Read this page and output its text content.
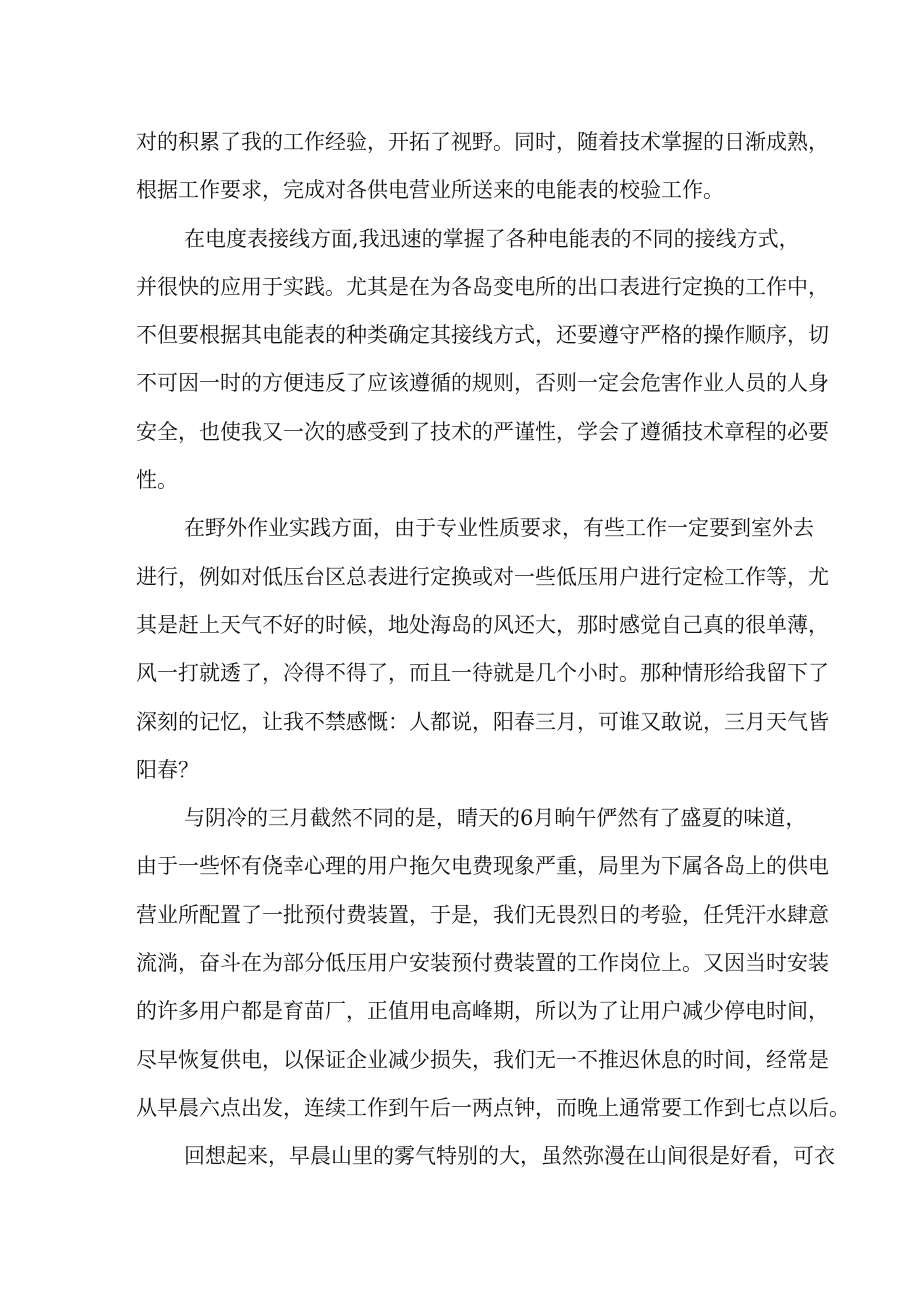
对的积累了我的工作经验，开拓了视野。同时，随着技术掌握的日渐成熟，
根据工作要求，完成对各供电营业所送来的电能表的校验工作。
在电度表接线方面,我迅速的掌握了各种电能表的不同的接线方式，
并很快的应用于实践。尤其是在为各岛变电所的出口表进行定换的工作中，
不但要根据其电能表的种类确定其接线方式，还要遵守严格的操作顺序，切
不可因一时的方便违反了应该遵循的规则，否则一定会危害作业人员的人身
安全，也使我又一次的感受到了技术的严谨性，学会了遵循技术章程的必要
性。
在野外作业实践方面，由于专业性质要求，有些工作一定要到室外去
进行，例如对低压台区总表进行定换或对一些低压用户进行定检工作等，尤
其是赶上天气不好的时候，地处海岛的风还大，那时感觉自己真的很单薄，
风一打就透了，冷得不得了，而且一待就是几个小时。那种情形给我留下了
深刻的记忆，让我不禁感慨：人都说，阳春三月，可谁又敢说，三月天气皆
阳春？
与阴冷的三月截然不同的是，晴天的6月晌午俨然有了盛夏的味道，
由于一些怀有侥幸心理的用户拖欠电费现象严重，局里为下属各岛上的供电
营业所配置了一批预付费装置，于是，我们无畏烈日的考验，任凭汗水肆意
流淌，奋斗在为部分低压用户安装预付费装置的工作岗位上。又因当时安装
的许多用户都是育苗厂，正值用电高峰期，所以为了让用户减少停电时间，
尽早恢复供电，以保证企业减少损失，我们无一不推迟休息的时间，经常是
从早晨六点出发，连续工作到午后一两点钟，而晚上通常要工作到七点以后。
回想起来，早晨山里的雾气特别的大，虽然弥漫在山间很是好看，可衣
